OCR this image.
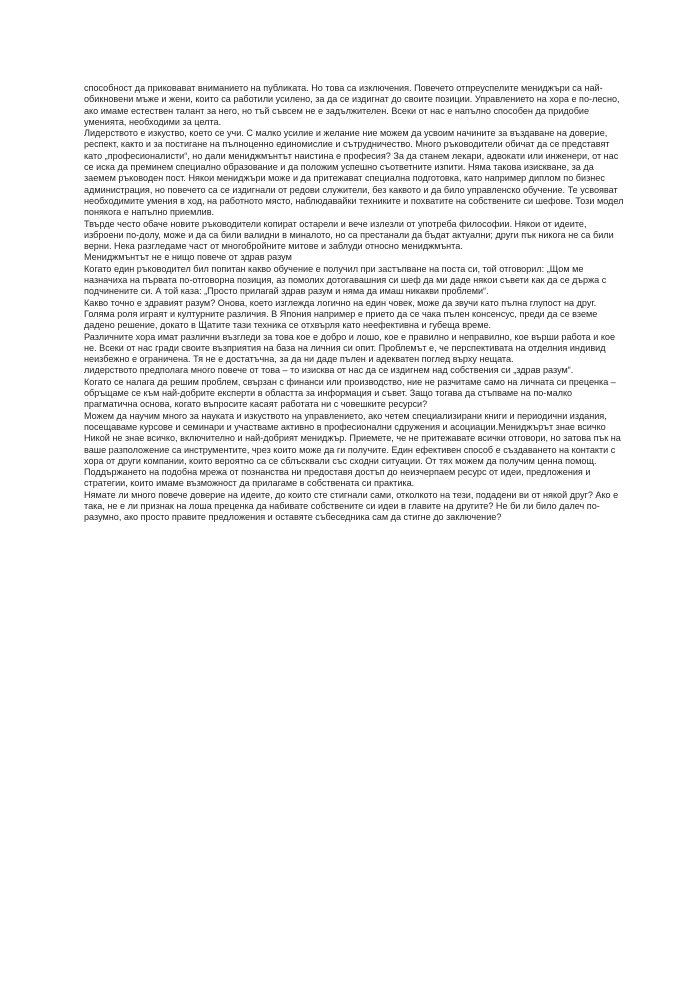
способност да приковават вниманието на публиката. Но това са изключения. Повечето отпреуспелите мениджъри са най-обикновени мъже и жени, които са работили усилено, за да се издигнат до своите позиции. Управлението на хора е по-лесно, ако имаме естествен талант за него, но тъй съвсем не е задължителен. Всеки от нас е напълно способен да придобие уменията, необходими за целта.

Лидерството е изкуство, което се учи. С малко усилие и желание ние можем да усвоим начините за въздаване на доверие, респект, както и за постигане на пълноценно единомислие и сътрудничество. Много ръководители обичат да се представят като „професионалисти“, но дали мениджмънтът наистина е професия? За да станем лекари, адвокати или инженери, от нас се иска да преминем специално образование и да положим успешно съответните изпити. Няма такова изискване, за да заемем ръководен пост. Някои мениджъри може и да притежават специална подготовка, като например диплом по бизнес администрация, но повечето са се издигнали от редови служители, без каквото и да било управленско обучение. Те усвояват необходимите умения в ход, на работното място, наблюдавайки техниките и похватите на собствените си шефове. Този модел понякога е напълно приемлив.

Твърде често обаче новите ръководители копират остарели и вече излезли от употреба философии. Някои от идеите, изброени по-долу, може и да са били валидни в миналото, но са престанали да бъдат актуални; други пък никога не са били верни. Нека разгледаме част от многобройните митове и заблуди относно мениджмънта.

Мениджмънтът не е нищо повече от здрав разум

Когато един ръководител бил попитан какво обучение е получил при застъпване на поста си, той отговорил: „Щом ме назначиха на първата по-отговорна позиция, аз помолих дотогавашния си шеф да ми даде някои съвети как да се държа с подчинените си. А той каза: „Просто прилагай здрав разум и няма да имаш никакви проблеми“.

Какво точно е здравият разум? Онова, което изглежда логично на един човек, може да звучи като пълна глупост на друг. Голяма роля играят и културните различия. В Япония например е прието да се чака пълен консенсус, преди да се вземе дадено решение, докато в Щатите тази техника се отхвърля като неефективна и губеща време.

Различните хора имат различни възгледи за това кое е добро и лошо, кое е правилно и неправилно, кое върши работа и кое не. Всеки от нас гради своите възприятия на база на личния си опит. Проблемът е, че перспективата на отделния индивид неизбежно е ограничена. Тя не е достатъчна, за да ни даде пълен и адекватен поглед върху нещата.

лидерството предполага много повече от това – то изисква от нас да се издигнем над собствения си „здрав разум“.

Когато се налага да решим проблем, свързан с финанси или производство, ние не разчитаме само на личната си преценка – обръщаме се към най-добрите експерти в областта за информация и съвет. Защо тогава да стъпваме на по-малко прагматична основа, когато въпросите касаят работата ни с човешките ресурси?

Можем да научим много за науката и изкуството на управлението, ако четем специализирани книги и периодични издания, посещаваме курсове и семинари и участваме активно в професионални сдружения и асоциации.Мениджърът знае всичко

Никой не знае всичко, включително и най-добрият мениджър. Приемете, че не притежавате всички отговори, но затова пък на ваше разположение са инструментите, чрез които може да ги получите. Един ефективен способ е създаването на контакти с хора от други компании, които вероятно са се сблъсквали със сходни ситуации. От тях можем да получим ценна помощ. Поддържането на подобна мрежа от познанства ни предоставя достъп до неизчерпаем ресурс от идеи, предложения и стратегии, които имаме възможност да прилагаме в собствената си практика.

Нямате ли много повече доверие на идеите, до които сте стигнали сами, отколкото на тези, подадени ви от някой друг? Ако е така, не е ли признак на лоша преценка да набивате собствените си идеи в главите на другите? Не би ли било далеч по-разумно, ако просто правите предложения и оставяте събеседника сам да стигне до заключение?
